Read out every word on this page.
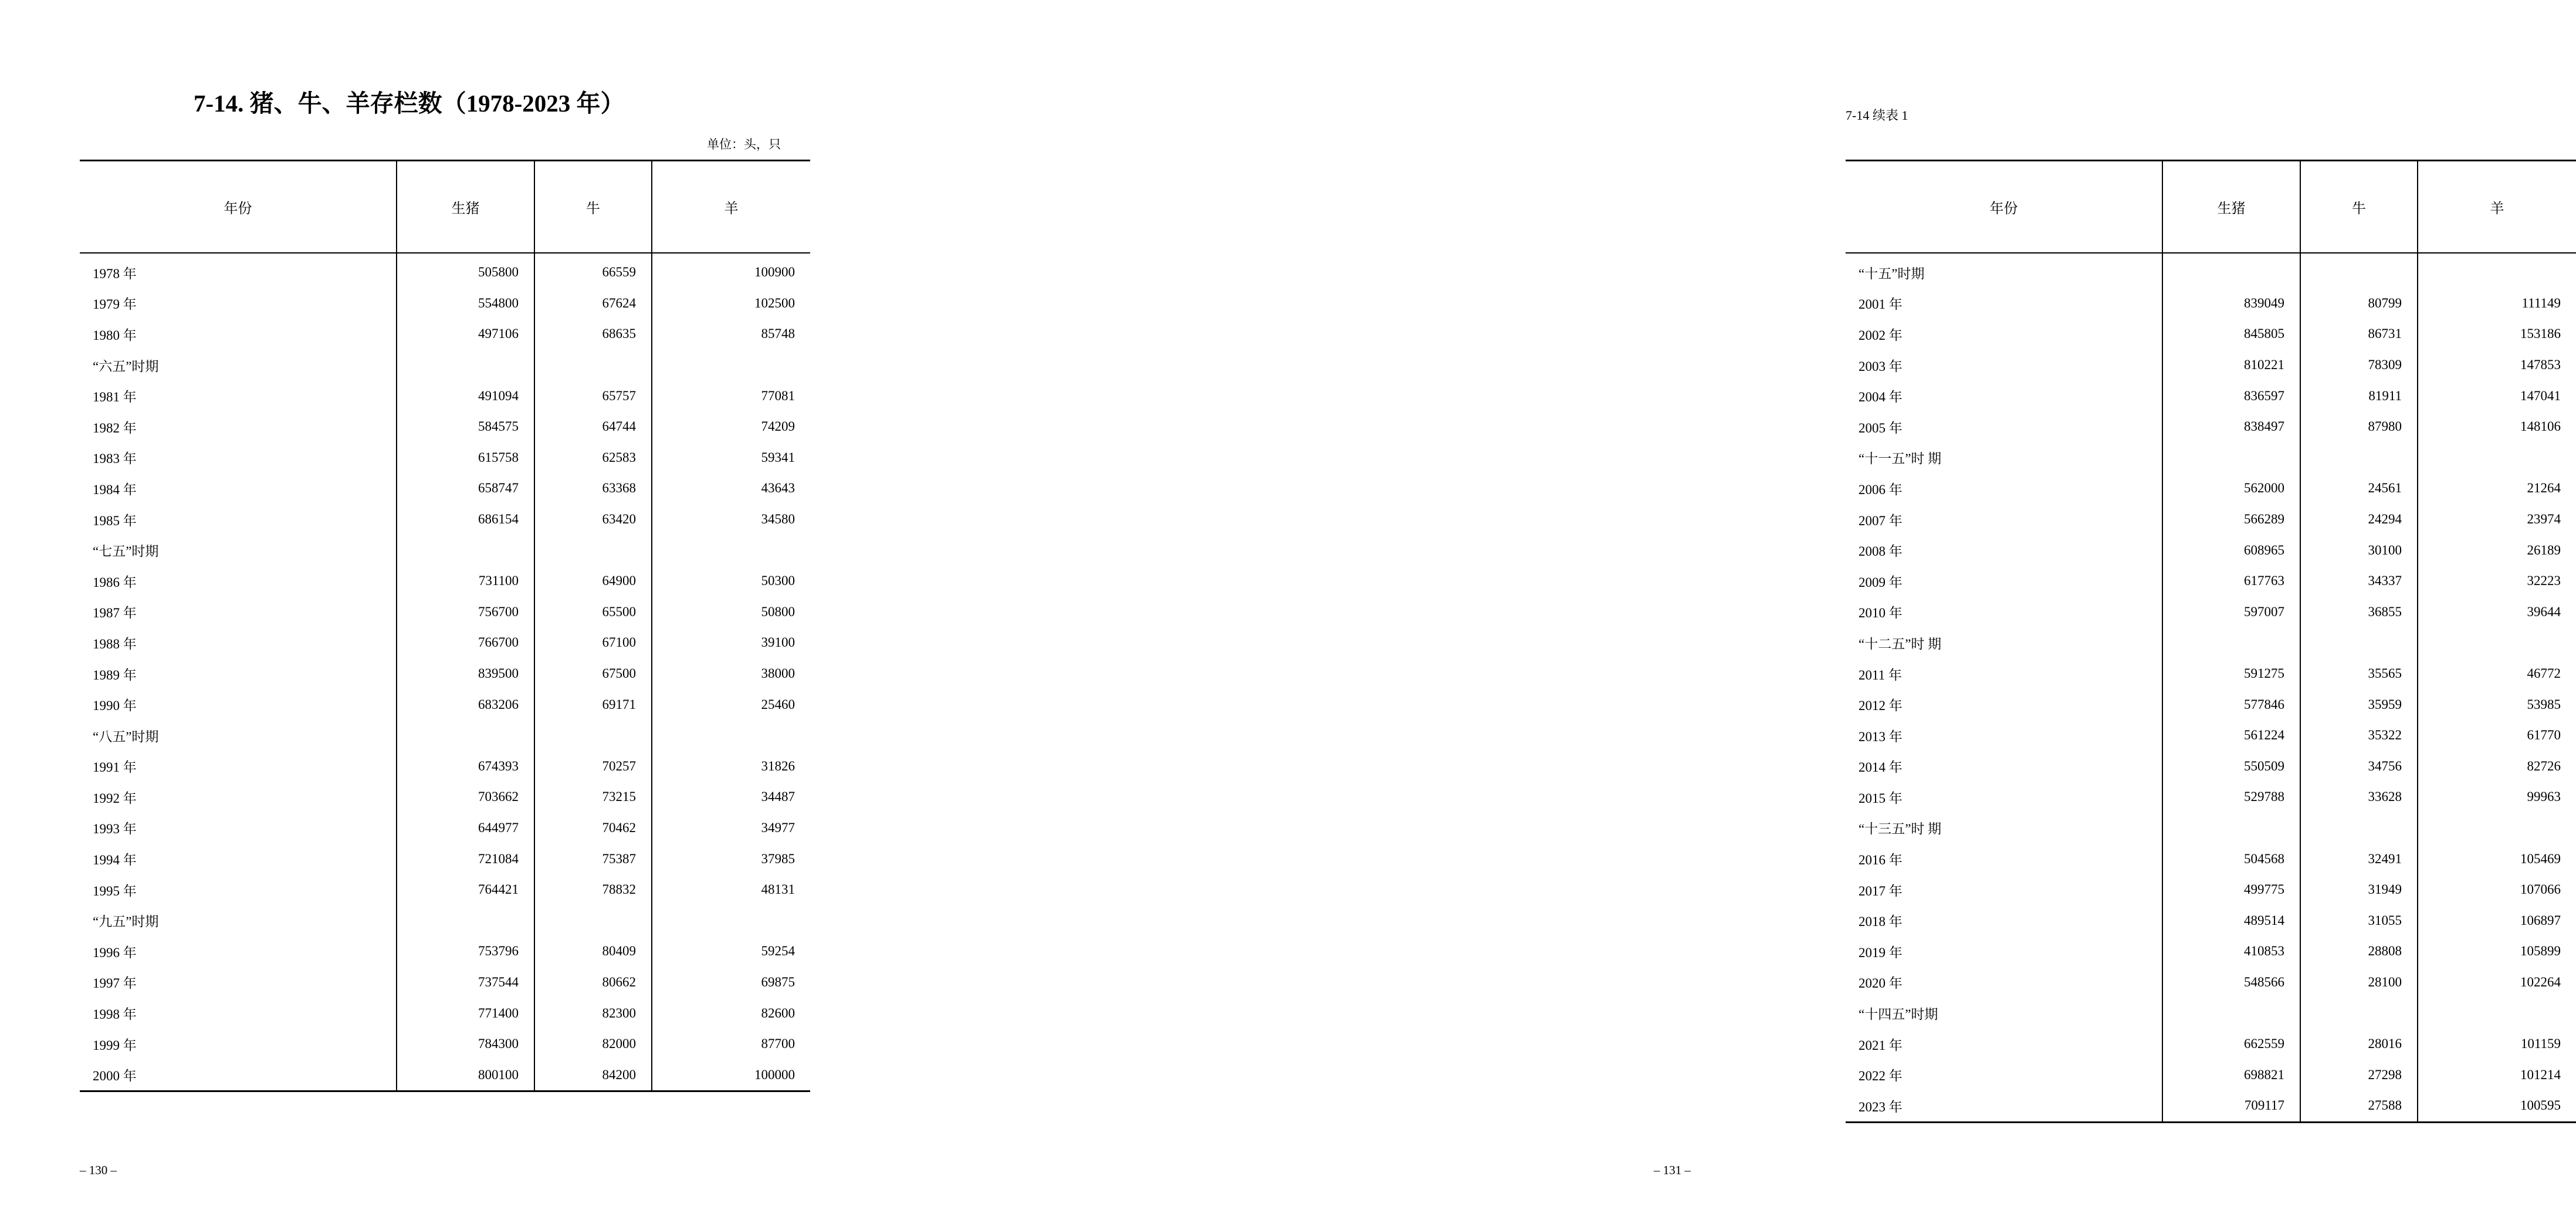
7-14. 猪、牛、羊存栏数（1978-2023 年）
单位：头，只
年份	生猪	牛	羊
1978 年	505800	66559	100900
1979 年	554800	67624	102500
1980 年	497106	68635	85748
“六五”时期			
1981 年	491094	65757	77081
1982 年	584575	64744	74209
1983 年	615758	62583	59341
1984 年	658747	63368	43643
1985 年	686154	63420	34580
“七五”时期			
1986 年	731100	64900	50300
1987 年	756700	65500	50800
1988 年	766700	67100	39100
1989 年	839500	67500	38000
1990 年	683206	69171	25460
“八五”时期			
1991 年	674393	70257	31826
1992 年	703662	73215	34487
1993 年	644977	70462	34977
1994 年	721084	75387	37985
1995 年	764421	78832	48131
“九五”时期			
1996 年	753796	80409	59254
1997 年	737544	80662	69875
1998 年	771400	82300	82600
1999 年	784300	82000	87700
2000 年	800100	84200	100000
– 130 –
7-14 续表 1
年份	生猪	牛	羊
“十五”时期			
2001 年	839049	80799	111149
2002 年	845805	86731	153186
2003 年	810221	78309	147853
2004 年	836597	81911	147041
2005 年	838497	87980	148106
“十一五”时 期			
2006 年	562000	24561	21264
2007 年	566289	24294	23974
2008 年	608965	30100	26189
2009 年	617763	34337	32223
2010 年	597007	36855	39644
“十二五”时 期			
2011 年	591275	35565	46772
2012 年	577846	35959	53985
2013 年	561224	35322	61770
2014 年	550509	34756	82726
2015 年	529788	33628	99963
“十三五”时 期			
2016 年	504568	32491	105469
2017 年	499775	31949	107066
2018 年	489514	31055	106897
2019 年	410853	28808	105899
2020 年	548566	28100	102264
“十四五”时期			
2021 年	662559	28016	101159
2022 年	698821	27298	101214
2023 年	709117	27588	100595
– 131 –
